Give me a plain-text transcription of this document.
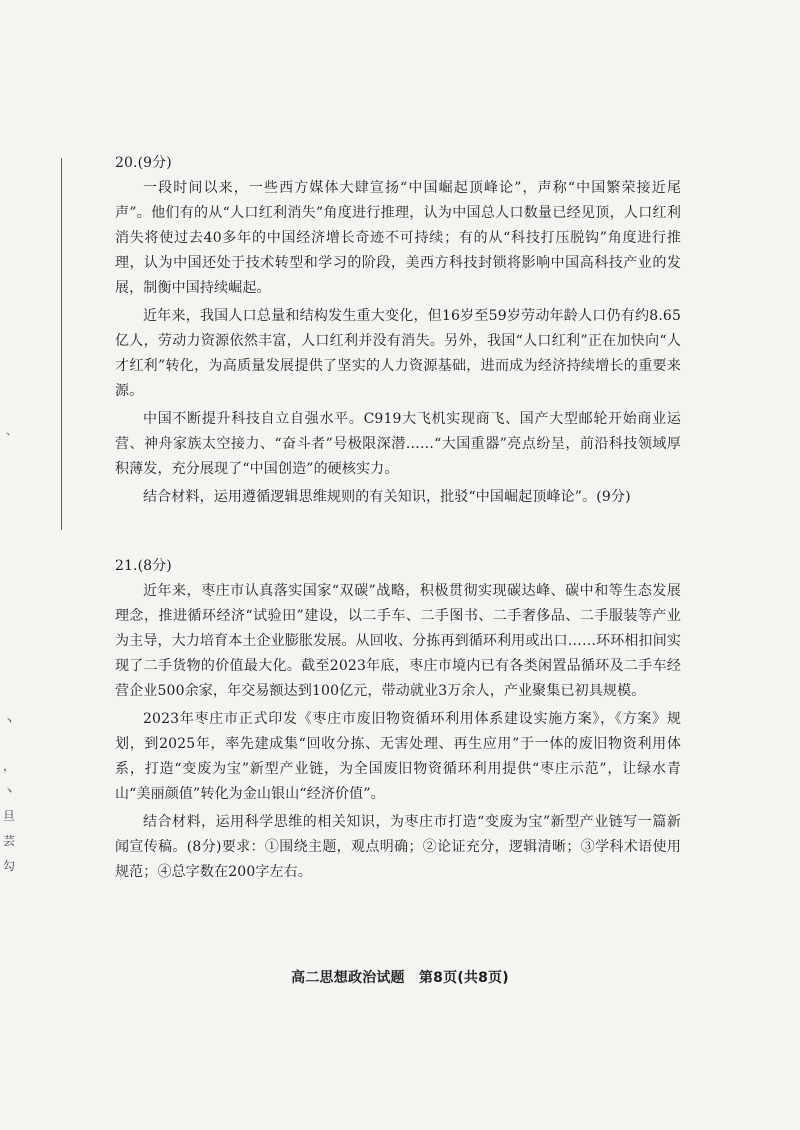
、
丶
，
丶
旦
芸
勾
20.(9分)

一段时间以来，一些西方媒体大肆宣扬“中国崛起顶峰论”，声称“中国繁荣接近尾声”。他们有的从“人口红利消失”角度进行推理，认为中国总人口数量已经见顶，人口红利消失将使过去40多年的中国经济增长奇迹不可持续；有的从“科技打压脱钩”角度进行推理，认为中国还处于技术转型和学习的阶段，美西方科技封锁将影响中国高科技产业的发展，制衡中国持续崛起。

近年来，我国人口总量和结构发生重大变化，但16岁至59岁劳动年龄人口仍有约8.65亿人，劳动力资源依然丰富，人口红利并没有消失。另外，我国“人口红利”正在加快向“人才红利”转化，为高质量发展提供了坚实的人力资源基础，进而成为经济持续增长的重要来源。

中国不断提升科技自立自强水平。C919大飞机实现商飞、国产大型邮轮开始商业运营、神舟家族太空接力、“奋斗者”号极限深潜……“大国重器”亮点纷呈，前沿科技领域厚积薄发，充分展现了“中国创造”的硬核实力。

结合材料，运用遵循逻辑思维规则的有关知识，批驳“中国崛起顶峰论”。(9分)

21.(8分)

近年来，枣庄市认真落实国家“双碳”战略，积极贯彻实现碳达峰、碳中和等生态发展理念，推进循环经济“试验田”建设，以二手车、二手图书、二手奢侈品、二手服装等产业为主导，大力培育本土企业膨胀发展。从回收、分拣再到循环利用或出口……环环相扣间实现了二手货物的价值最大化。截至2023年底，枣庄市境内已有各类闲置品循环及二手车经营企业500余家，年交易额达到100亿元，带动就业3万余人，产业聚集已初具规模。

2023年枣庄市正式印发《枣庄市废旧物资循环利用体系建设实施方案》，《方案》规划，到2025年，率先建成集“回收分拣、无害处理、再生应用”于一体的废旧物资利用体系，打造“变废为宝”新型产业链，为全国废旧物资循环利用提供“枣庄示范”，让绿水青山“美丽颜值”转化为金山银山“经济价值”。

结合材料，运用科学思维的相关知识，为枣庄市打造“变废为宝”新型产业链写一篇新闻宣传稿。(8分)要求：①围绕主题，观点明确；②论证充分，逻辑清晰；③学科术语使用规范；④总字数在200字左右。

高二思想政治试题　第8页(共8页)
